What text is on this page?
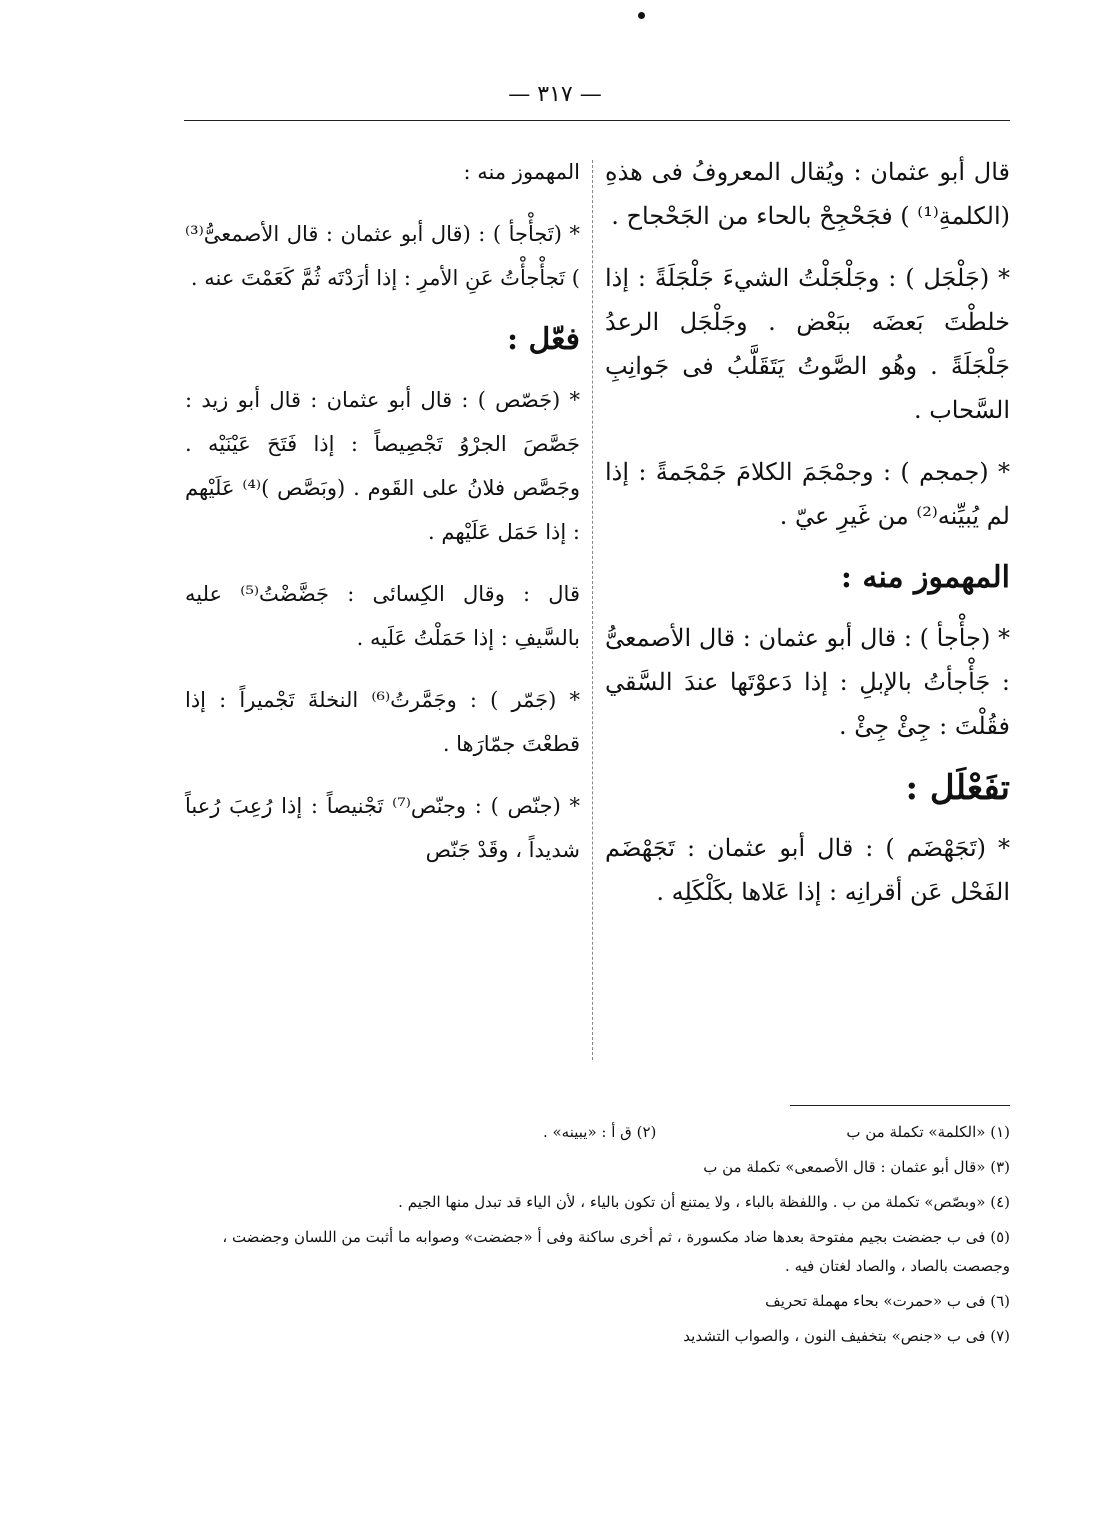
— ٣١٧ —

قال أبو عثمان : ويُقال المعروفُ فى هذهِ (الكلمةِ⁽¹⁾ ) فجَحْجِحْ بالحاء من الجَحْجاح .

* (جَلْجَل ) : وجَلْجَلْتُ الشيءَ جَلْجَلَةً : إذا خلطْتَ بَعضَه ببَعْض . وجَلْجَل الرعدُ جَلْجَلَةً . وهُو الصَّوتُ يَتَقَلَّبُ فى جَوانِبِ السَّحاب .

* (جمجم ) : وجمْجَمَ الكلامَ جَمْجَمةً : إذا لم يُبيِّنه⁽²⁾ من غَيرِ عيّ .

المهموز منه :

* (جأْجأ ) : قال أبو عثمان : قال الأصمعىُّ : جَأْجأتُ بالإبلِ : إذا دَعوْتَها عندَ السَّقي فقُلْتَ : جِئْ جِئْ .

تفَعْلَل :

* (تَجَهْضَم ) : قال أبو عثمان : تَجَهْضَم الفَحْل عَن أقرانِه : إذا عَلاها بكَلْكَلِه .

المهموز منه :

* (تَجأْجأ ) : (قال أبو عثمان : قال الأصمعىُّ⁽³⁾ ) تَجأْجأْتُ عَنِ الأمرِ : إذا أرَدْتَه ثُمَّ كَعَمْتَ عنه .

فعّل :

* (جَصّص ) : قال أبو عثمان : قال أبو زيد : جَصَّصَ الجرْوُ تَجْصِيصاً : إذا فَتَحَ عَيْنَيْه . وجَصَّص فلانُ على القَوم . (وبَصَّص )⁽⁴⁾ عَلَيْهم : إذا حَمَل عَلَيْهم .

قال : وقال الكِسائى : جَضَّضْتُ⁽⁵⁾ عليه بالسَّيفِ : إذا حَمَلْتُ عَلَيه .

* (جَمّر ) : وجَمَّرتُ⁽⁶⁾ النخلةَ تَجْميراً : إذا قطعْتَ جمّارَها .

* (جنّص ) : وجنّص⁽⁷⁾ تَجْنيصاً : إذا رُعِبَ رُعباً شديداً ، وقَدْ جَنّص

(١) «الكلمة» تكملة من ب
(٢) ق أ : «يبينه» .
(٣) «قال أبو عثمان : قال الأصمعى» تكملة من ب
(٤) «وبصّص» تكملة من ب . واللفظة بالباء ، ولا يمتنع أن تكون بالياء ، لأن الياء قد تبدل منها الجيم .
(٥) فى ب جضضت بجيم مفتوحة بعدها ضاد مكسورة ، ثم أخرى ساكنة وفى أ «جضضت» وصوابه ما أثبت من اللسان وجضضت ، وجصصت بالصاد ، والصاد لغتان فيه .
(٦) فى ب «حمرت» بحاء مهملة تحريف
(٧) فى ب «جنص» بتخفيف النون ، والصواب التشديد
